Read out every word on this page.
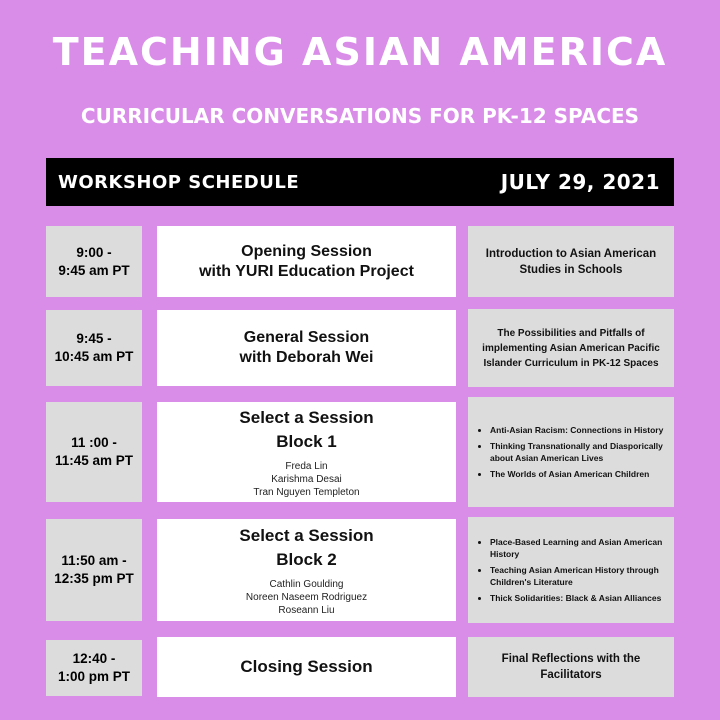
TEACHING ASIAN AMERICA
CURRICULAR CONVERSATIONS FOR PK-12 SPACES
WORKSHOP SCHEDULE	JULY 29, 2021
9:00 -
9:45 am PT
Opening Session
with YURI Education Project
Introduction to Asian American Studies in Schools
9:45 -
10:45 am PT
General Session
with Deborah Wei
The Possibilities and Pitfalls of implementing Asian American Pacific Islander Curriculum in PK-12 Spaces
11 :00 -
11:45 am PT
Select a Session
Block 1
Freda Lin
Karishma Desai
Tran Nguyen Templeton
• Anti-Asian Racism: Connections in History
• Thinking Transnationally and Diasporically about Asian American Lives
• The Worlds of Asian American Children
11:50 am -
12:35 pm PT
Select a Session
Block 2
Cathlin Goulding
Noreen Naseem Rodriguez
Roseann Liu
• Place-Based Learning and Asian American History
• Teaching Asian American History through Children's Literature
• Thick Solidarities: Black & Asian Alliances
12:40 -
1:00 pm PT
Closing Session	Final Reflections with the Facilitators
